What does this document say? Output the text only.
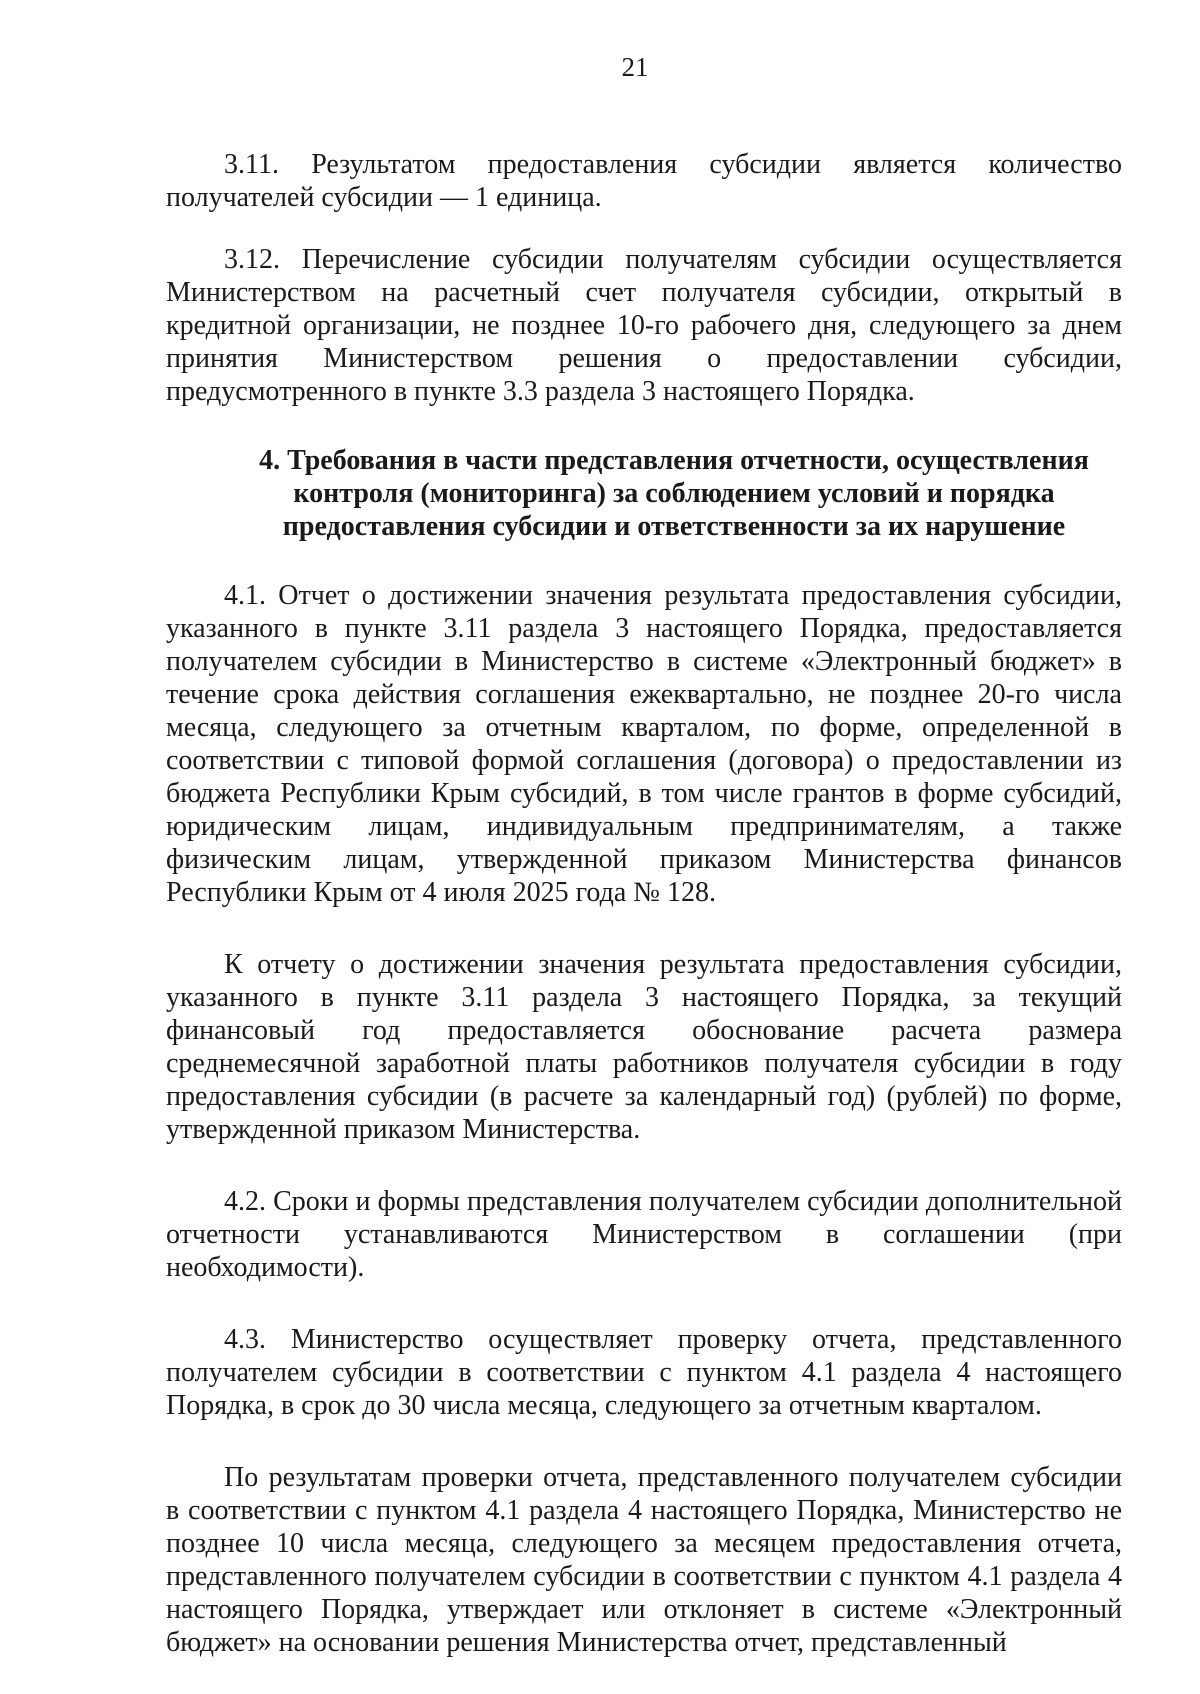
21

3.11. Результатом предоставления субсидии является количество получателей субсидии — 1 единица.

3.12. Перечисление субсидии получателям субсидии осуществляется Министерством на расчетный счет получателя субсидии, открытый в кредитной организации, не позднее 10-го рабочего дня, следующего за днем принятия Министерством решения о предоставлении субсидии, предусмотренного в пункте 3.3 раздела 3 настоящего Порядка.

4. Требования в части представления отчетности, осуществления контроля (мониторинга) за соблюдением условий и порядка предоставления субсидии и ответственности за их нарушение

4.1. Отчет о достижении значения результата предоставления субсидии, указанного в пункте 3.11 раздела 3 настоящего Порядка, предоставляется получателем субсидии в Министерство в системе «Электронный бюджет» в течение срока действия соглашения ежеквартально, не позднее 20-го числа месяца, следующего за отчетным кварталом, по форме, определенной в соответствии с типовой формой соглашения (договора) о предоставлении из бюджета Республики Крым субсидий, в том числе грантов в форме субсидий, юридическим лицам, индивидуальным предпринимателям, а также физическим лицам, утвержденной приказом Министерства финансов Республики Крым от 4 июля 2025 года № 128.

К отчету о достижении значения результата предоставления субсидии, указанного в пункте 3.11 раздела 3 настоящего Порядка, за текущий финансовый год предоставляется обоснование расчета размера среднемесячной заработной платы работников получателя субсидии в году предоставления субсидии (в расчете за календарный год) (рублей) по форме, утвержденной приказом Министерства.

4.2. Сроки и формы представления получателем субсидии дополнительной отчетности устанавливаются Министерством в соглашении (при необходимости).

4.3. Министерство осуществляет проверку отчета, представленного получателем субсидии в соответствии с пунктом 4.1 раздела 4 настоящего Порядка, в срок до 30 числа месяца, следующего за отчетным кварталом.

По результатам проверки отчета, представленного получателем субсидии в соответствии с пунктом 4.1 раздела 4 настоящего Порядка, Министерство не позднее 10 числа месяца, следующего за месяцем предоставления отчета, представленного получателем субсидии в соответствии с пунктом 4.1 раздела 4 настоящего Порядка, утверждает или отклоняет в системе «Электронный бюджет» на основании решения Министерства отчет, представленный
